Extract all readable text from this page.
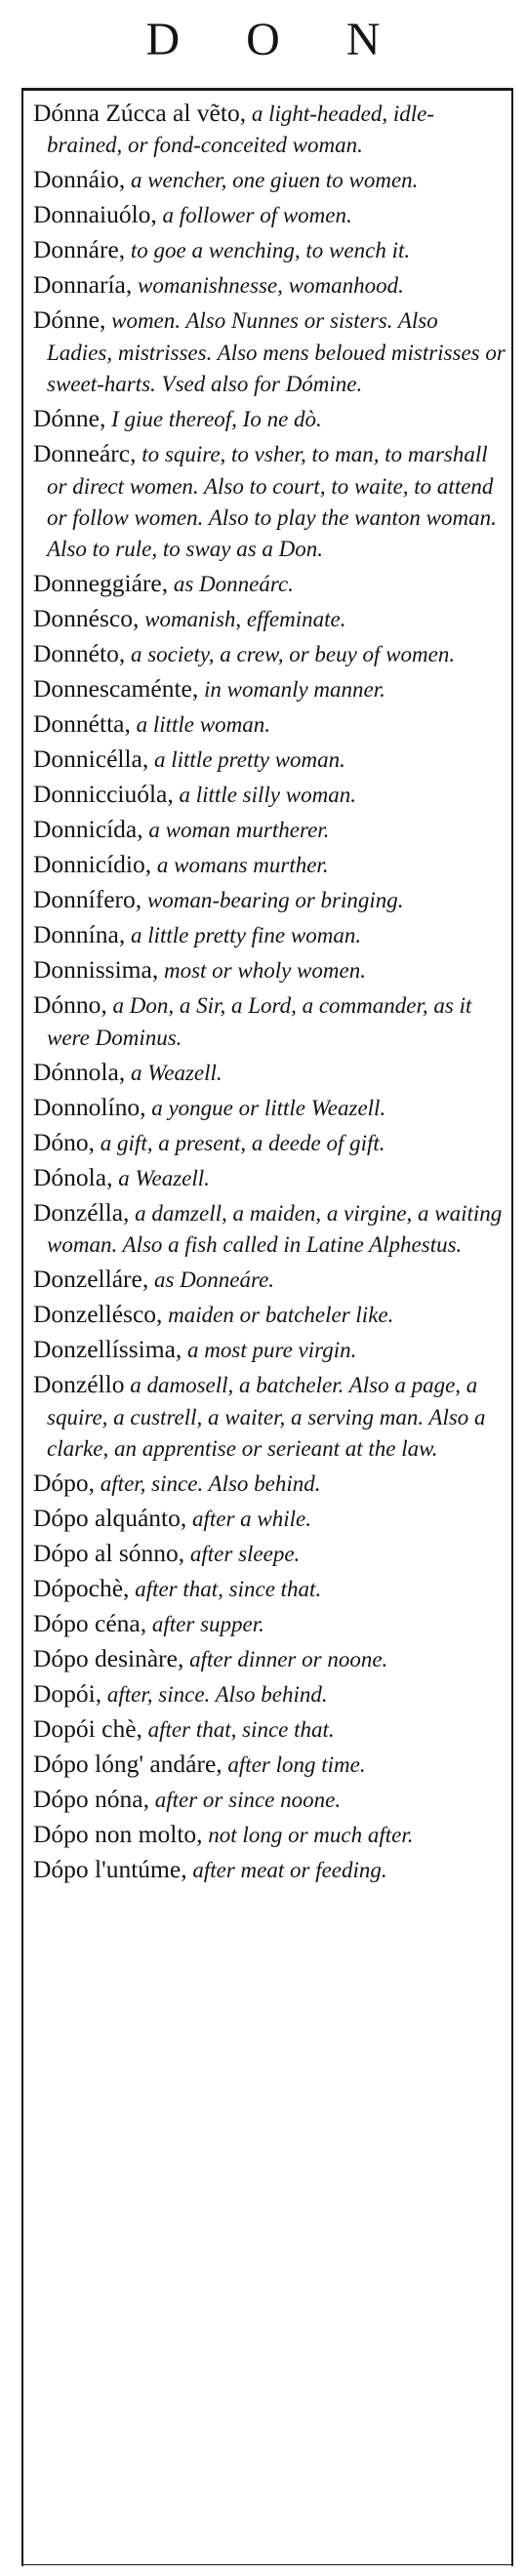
D O N

Dónna Zúcca al vẽto, a light-headed, idle-brained, or fond-conceited woman.

Donnáio, a wencher, one giuen to women.

Donnaiuólo, a follower of women.

Donnáre, to goe a wenching, to wench it.

Donnaría, womanishnesse, womanhood.

Dónne, women. Also Nunnes or sisters. Also Ladies, mistrisses. Also mens beloued mistrisses or sweet-harts. Vsed also for Dómine.

Dónne, I giue thereof, Io ne dò.

Donneárc, to squire, to vsher, to man, to marshall or direct women. Also to court, to waite, to attend or follow women. Also to play the wanton woman. Also to rule, to sway as a Don.

Donneggiáre, as Donneárc.

Donnésco, womanish, effeminate.

Donnéto, a society, a crew, or beuy of women.

Donnescaménte, in womanly manner.

Donnétta, a little woman.

Donnicélla, a little pretty woman.

Donnicciuóla, a little silly woman.

Donnicída, a woman murtherer.

Donnicídio, a womans murther.

Donnífero, woman-bearing or bringing.

Donnína, a little pretty fine woman.

Donnissima, most or wholy women.

Dónno, a Don, a Sir, a Lord, a commander, as it were Dominus.

Dónnola, a Weazell.

Donnolíno, a yongue or little Weazell.

Dóno, a gift, a present, a deede of gift.

Dónola, a Weazell.

Donzélla, a damzell, a maiden, a virgine, a waiting woman. Also a fish called in Latine Alphestus.

Donzelláre, as Donneáre.

Donzellésco, maiden or batcheler like.

Donzellíssima, a most pure virgin.

Donzéllo a damosell, a batcheler. Also a page, a squire, a custrell, a waiter, a serving man. Also a clarke, an apprentise or serieant at the law.

Dópo, after, since. Also behind.

Dópo alquánto, after a while.

Dópo al sónno, after sleepe.

Dópochè, after that, since that.

Dópo céna, after supper.

Dópo desinàre, after dinner or noone.

Dopói, after, since. Also behind.

Dopói chè, after that, since that.

Dópo lóng' andáre, after long time.

Dópo nóna, after or since noone.

Dópo non molto, not long or much after.

Dópo l'untúme, after meat or feeding.
